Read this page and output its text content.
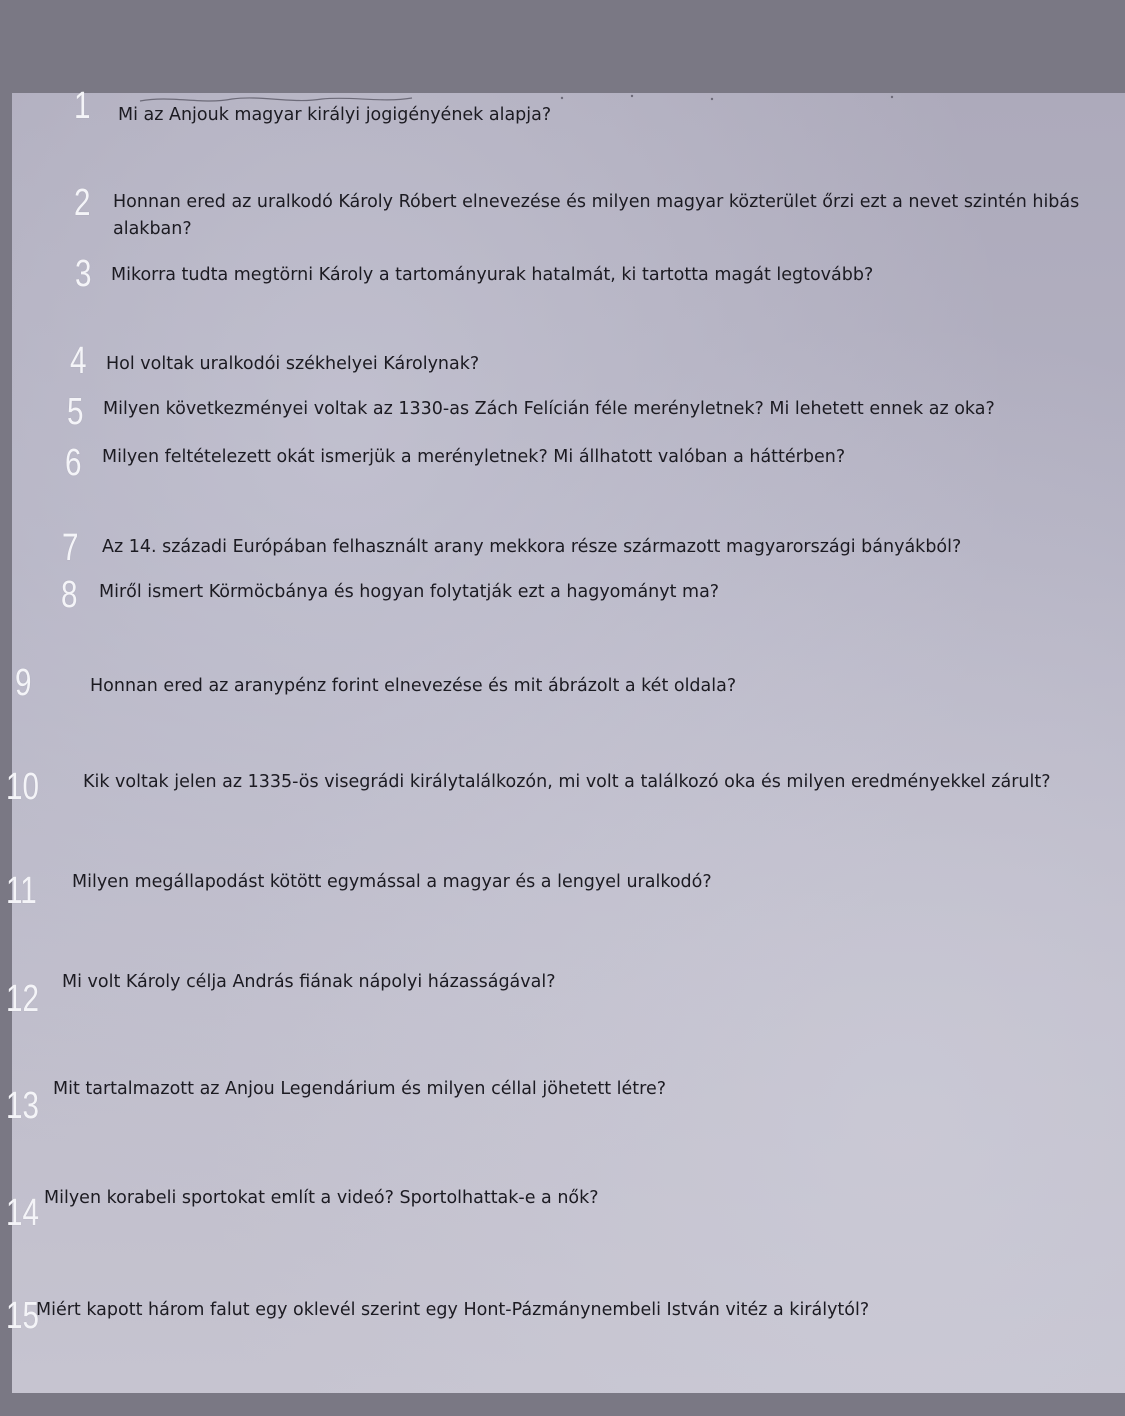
1 Mi az Anjouk magyar királyi jogigényének alapja?
2 Honnan ered az uralkodó Károly Róbert elnevezése és milyen magyar közterület őrzi ezt a nevet szintén hibás alakban?
3 Mikorra tudta megtörni Károly a tartományurak hatalmát, ki tartotta magát legtovább?
4 Hol voltak uralkodói székhelyei Károlynak?
5 Milyen következményei voltak az 1330-as Zách Felícián féle merényletnek? Mi lehetett ennek az oka?
6 Milyen feltételezett okát ismerjük a merényletnek? Mi állhatott valóban a háttérben?
7 Az 14. századi Európában felhasznált arany mekkora része származott magyarországi bányákból?
8 Miről ismert Körmöcbánya és hogyan folytatják ezt a hagyományt ma?
9	Honnan ered az aranypénz forint elnevezése és mit ábrázolt a két oldala?
10	Kik voltak jelen az 1335-ös visegrádi királytalálkozón, mi volt a találkozó oka és milyen eredményekkel zárult?
11 Milyen megállapodást kötött egymással a magyar és a lengyel uralkodó?
12 Mi volt Károly célja András fiának nápolyi házasságával?
13 Mit tartalmazott az Anjou Legendárium és milyen céllal jöhetett létre?
14 Milyen korabeli sportokat említ a videó? Sportolhattak-e a nők?
15
Miért kapott három falut egy oklevél szerint egy Hont-Pázmánynembeli István vitéz a királytól?
